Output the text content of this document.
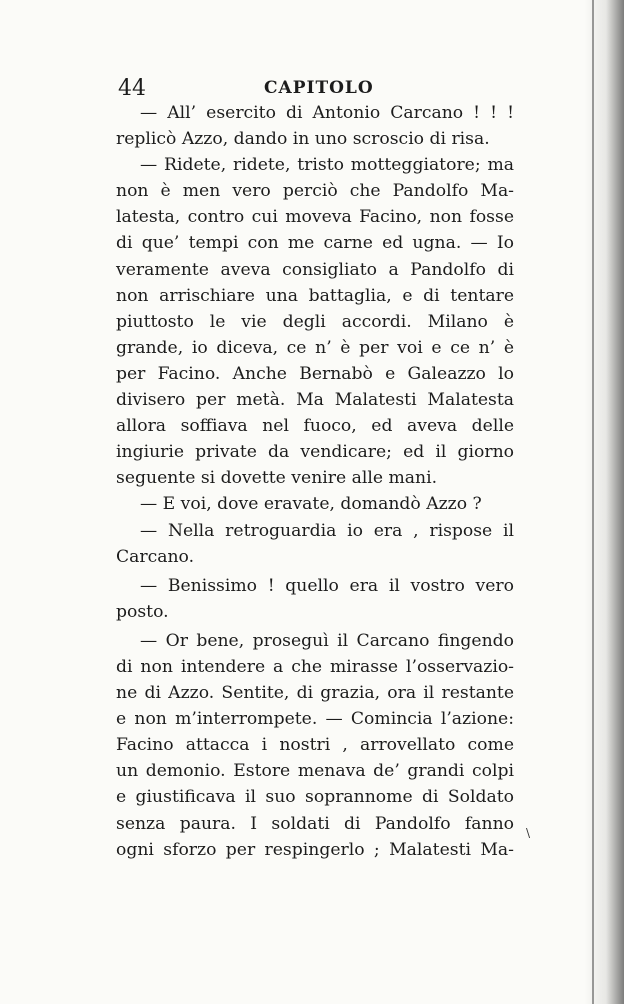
44	CAPITOLO
— All’ esercito di Antonio Carcano ! ! !
replicò Azzo, dando in uno scroscio di risa.
— Ridete, ridete, tristo motteggiatore; ma
non è men vero perciò che Pandolfo Ma-
latesta, contro cui moveva Facino, non fosse
di que’ tempi con me carne ed ugna. — Io
veramente aveva consigliato a Pandolfo di
non arrischiare una battaglia, e di tentare
piuttosto le vie degli accordi. Milano è
grande, io diceva, ce n’ è per voi e ce n’ è
per Facino. Anche Bernabò e Galeazzo lo
divisero per metà. Ma Malatesti Malatesta
allora soffiava nel fuoco, ed aveva delle
ingiurie private da vendicare; ed il giorno
seguente si dovette venire alle mani.
— E voi, dove eravate, domandò Azzo ?
— Nella retroguardia io era , rispose il
Carcano.
— Benissimo ! quello era il vostro vero
posto.
— Or bene, proseguì il Carcano fingendo
di non intendere a che mirasse l’osservazio-
ne di Azzo. Sentite, di grazia, ora il restante
e non m’interrompete. — Comincia l’azione:
Facino attacca i nostri , arrovellato come
un demonio. Estore menava de’ grandi colpi
e giustificava il suo soprannome di Soldato
senza paura. I soldati di Pandolfo fanno
ogni sforzo per respingerlo ; Malatesti Ma-
\
